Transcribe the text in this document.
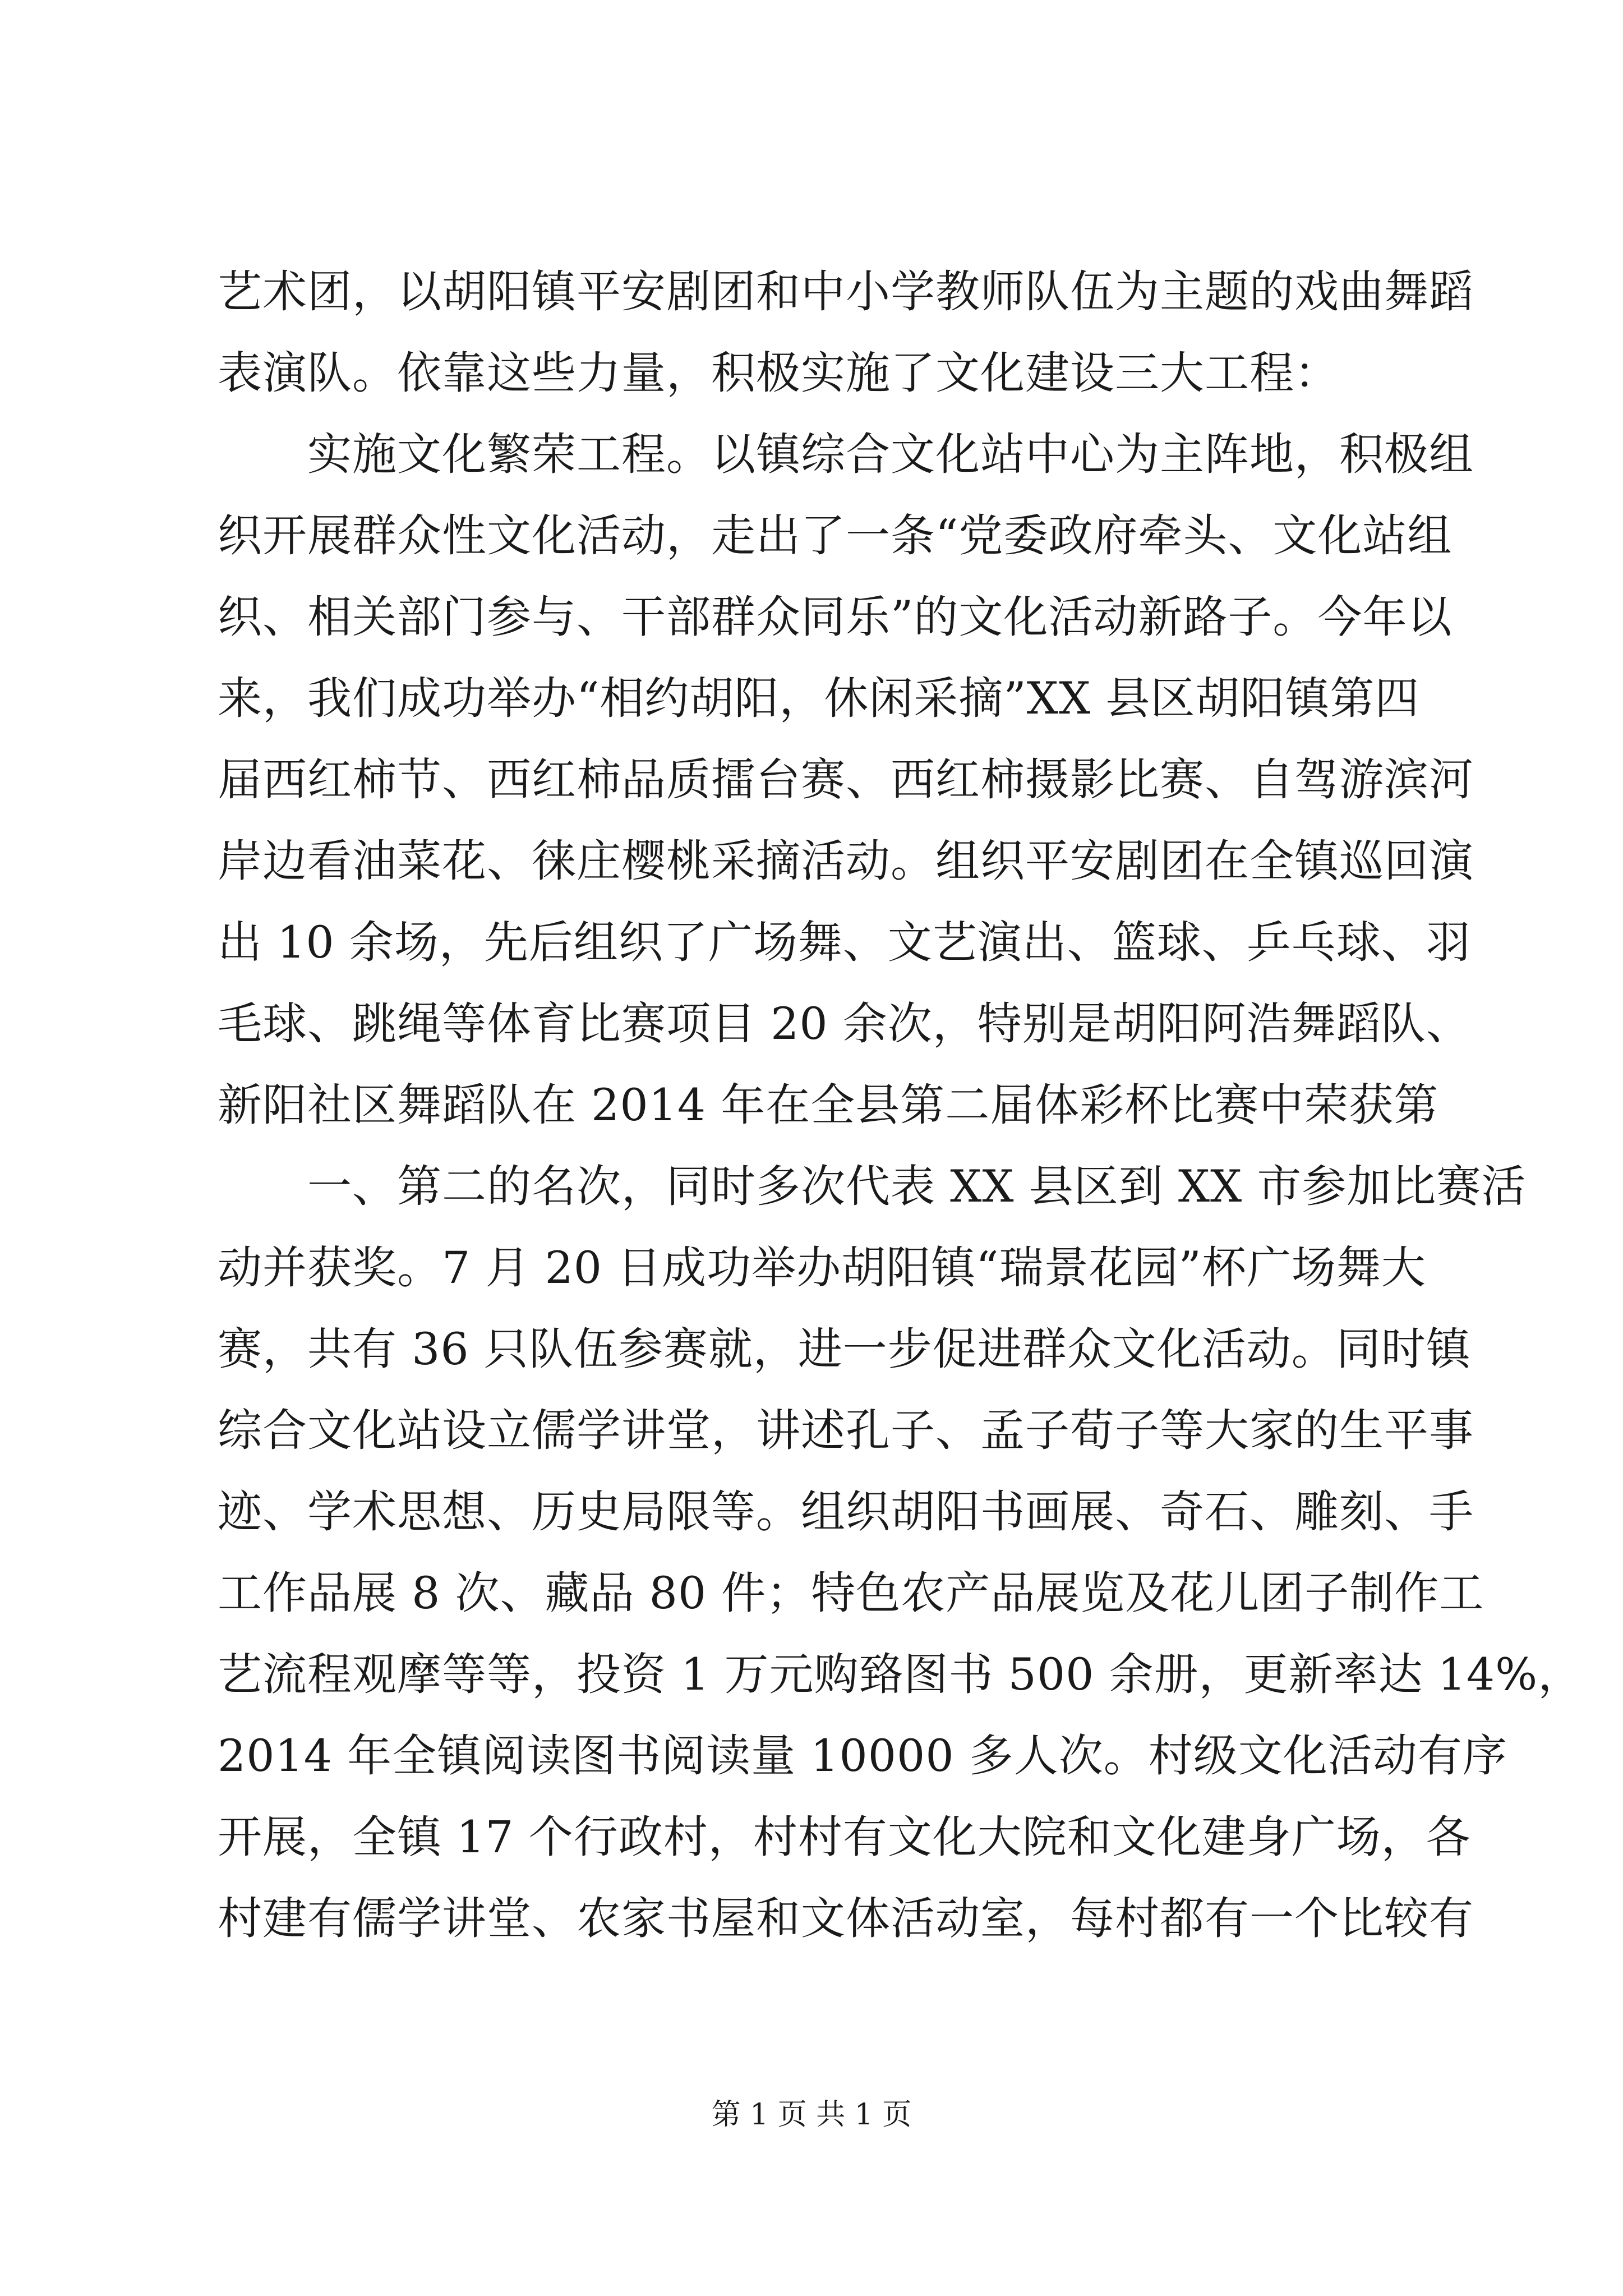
艺术团，以胡阳镇平安剧团和中小学教师队伍为主题的戏曲舞蹈
表演队。依靠这些力量，积极实施了文化建设三大工程：
实施文化繁荣工程。以镇综合文化站中心为主阵地，积极组
织开展群众性文化活动，走出了一条“党委政府牵头、文化站组
织、相关部门参与、干部群众同乐”的文化活动新路子。今年以
来，我们成功举办“相约胡阳，休闲采摘”XX 县区胡阳镇第四
届西红柿节、西红柿品质擂台赛、西红柿摄影比赛、自驾游滨河
岸边看油菜花、徕庄樱桃采摘活动。组织平安剧团在全镇巡回演
出 10 余场，先后组织了广场舞、文艺演出、篮球、乒乓球、羽
毛球、跳绳等体育比赛项目 20 余次，特别是胡阳阿浩舞蹈队、
新阳社区舞蹈队在 2014 年在全县第二届体彩杯比赛中荣获第
一、第二的名次，同时多次代表 XX 县区到 XX 市参加比赛活
动并获奖。7 月 20 日成功举办胡阳镇“瑞景花园”杯广场舞大
赛，共有 36 只队伍参赛就，进一步促进群众文化活动。同时镇
综合文化站设立儒学讲堂，讲述孔子、孟子荀子等大家的生平事
迹、学术思想、历史局限等。组织胡阳书画展、奇石、雕刻、手
工作品展 8 次、藏品 80 件；特色农产品展览及花儿团子制作工
艺流程观摩等等，投资 1 万元购臵图书 500 余册，更新率达 14%，
2014 年全镇阅读图书阅读量 10000 多人次。村级文化活动有序
开展，全镇 17 个行政村，村村有文化大院和文化建身广场，各
村建有儒学讲堂、农家书屋和文体活动室，每村都有一个比较有
第 1 页 共 1 页
